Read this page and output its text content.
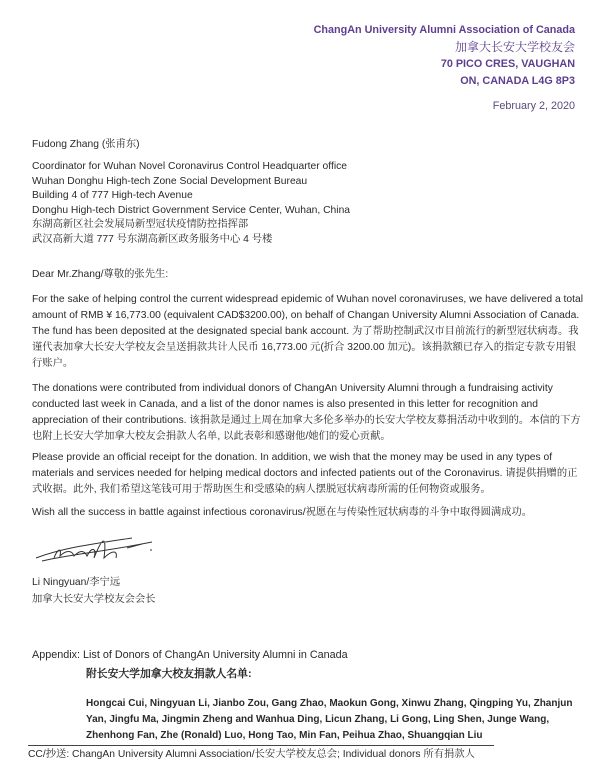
ChangAn University Alumni Association of Canada
加拿大长安大学校友会
70 PICO CRES, VAUGHAN
ON, CANADA L4G 8P3
February 2, 2020
Fudong Zhang (张甫东)
Coordinator for Wuhan Novel Coronavirus Control Headquarter office
Wuhan Donghu High-tech Zone Social Development Bureau
Building 4 of 777 High-tech Avenue
Donghu High-tech District Government Service Center, Wuhan, China
东湖高新区社会发展局新型冠状疫情防控指挥部
武汉高新大道 777 号东湖高新区政务服务中心 4 号楼
Dear Mr.Zhang/尊敬的张先生:
For the sake of helping control the current widespread epidemic of Wuhan novel coronaviruses, we have delivered a total amount of RMB ¥ 16,773.00 (equivalent CAD$3200.00), on behalf of Changan University Alumni Association of Canada. The fund has been deposited at the designated special bank account. 为了帮助控制武汉市目前流行的新型冠状病毒。我谨代表加拿大长安大学校友会呈送捐款共计人民币 16,773.00 元(折合 3200.00 加元)。该捐款额已存入的指定专款专用银行账户。
The donations were contributed from individual donors of ChangAn University Alumni through a fundraising activity conducted last week in Canada, and a list of the donor names is also presented in this letter for recognition and appreciation of their contributions. 该捐款是通过上周在加拿大多伦多举办的长安大学校友募捐活动中收到的。本信的下方也附上长安大学加拿大校友会捐款人名单, 以此表彰和感谢他/她们的爱心贡献。
Please provide an official receipt for the donation. In addition, we wish that the money may be used in any types of materials and services needed for helping medical doctors and infected patients out of the Coronavirus. 请提供捐赠的正式收据。此外, 我们希望这笔钱可用于帮助医生和受感染的病人摆脱冠状病毒所需的任何物资或服务。
Wish all the success in battle against infectious coronavirus/祝愿在与传染性冠状病毒的斗争中取得圆满成功。
Li Ningyuan/李宁远
加拿大长安大学校友会会长
Appendix: List of Donors of ChangAn University Alumni in Canada
附长安大学加拿大校友捐款人名单:
Hongcai Cui, Ningyuan Li, Jianbo Zou, Gang Zhao, Maokun Gong, Xinwu Zhang, Qingping Yu, Zhanjun Yan, Jingfu Ma, Jingmin Zheng and Wanhua Ding, Licun Zhang, Li Gong, Ling Shen, Junge Wang, Zhenhong Fan, Zhe (Ronald) Luo, Hong Tao, Min Fan, Peihua Zhao, Shuangqian Liu
CC/抄送: ChangAn University Alumni Association/长安大学校友总会; Individual donors 所有捐款人
